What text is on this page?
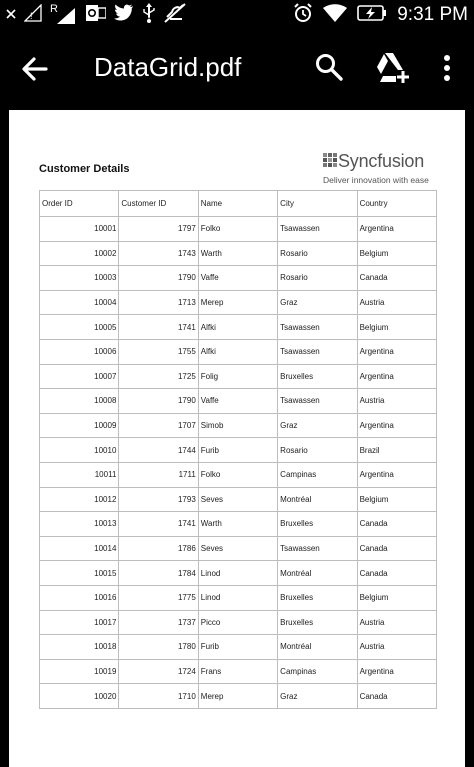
!
R
2	9:31 PM
DataGrid.pdf
Customer Details	Syncfusion
Deliver innovation with ease
Order ID	Customer ID	Name	City	Country
10001	1797	Folko	Tsawassen	Argentina
10002	1743	Warth	Rosario	Belgium
10003	1790	Vaffe	Rosario	Canada
10004	1713	Merep	Graz	Austria
10005	1741	Alfki	Tsawassen	Belgium
10006	1755	Alfki	Tsawassen	Argentina
10007	1725	Folig	Bruxelles	Argentina
10008	1790	Vaffe	Tsawassen	Austria
10009	1707	Simob	Graz	Argentina
10010	1744	Furib	Rosario	Brazil
10011	1711	Folko	Campinas	Argentina
10012	1793	Seves	Montréal	Belgium
10013	1741	Warth	Bruxelles	Canada
10014	1786	Seves	Tsawassen	Canada
10015	1784	Linod	Montréal	Canada
10016	1775	Linod	Bruxelles	Belgium
10017	1737	Picco	Bruxelles	Austria
10018	1780	Furib	Montréal	Austria
10019	1724	Frans	Campinas	Argentina
10020	1710	Merep	Graz	Canada
